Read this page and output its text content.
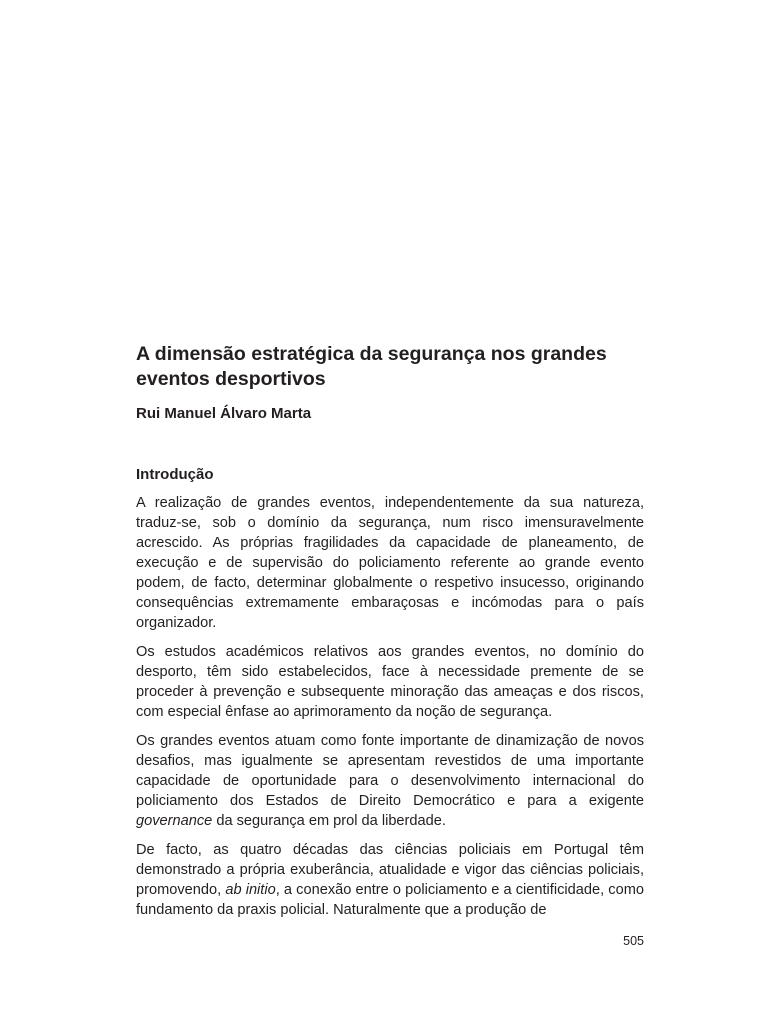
A dimensão estratégica da segurança nos grandes eventos desportivos

Rui Manuel Álvaro Marta

Introdução

A realização de grandes eventos, independentemente da sua natureza, traduz-se, sob o domínio da segurança, num risco imensuravelmente acrescido. As próprias fragilidades da capacidade de planeamento, de execução e de supervisão do policiamento referente ao grande evento podem, de facto, determinar globalmente o respetivo insucesso, originando consequências extremamente embaraçosas e incómodas para o país organizador.

Os estudos académicos relativos aos grandes eventos, no domínio do desporto, têm sido estabelecidos, face à necessidade premente de se proceder à prevenção e subsequente minoração das ameaças e dos riscos, com especial ênfase ao aprimoramento da noção de segurança.

Os grandes eventos atuam como fonte importante de dinamização de novos desafios, mas igualmente se apresentam revestidos de uma importante capacidade de oportunidade para o desenvolvimento internacional do policiamento dos Estados de Direito Democrático e para a exigente governance da segurança em prol da liberdade.

De facto, as quatro décadas das ciências policiais em Portugal têm demonstrado a própria exuberância, atualidade e vigor das ciências policiais, promovendo, ab initio, a conexão entre o policiamento e a cientificidade, como fundamento da praxis policial. Naturalmente que a produção de

505
